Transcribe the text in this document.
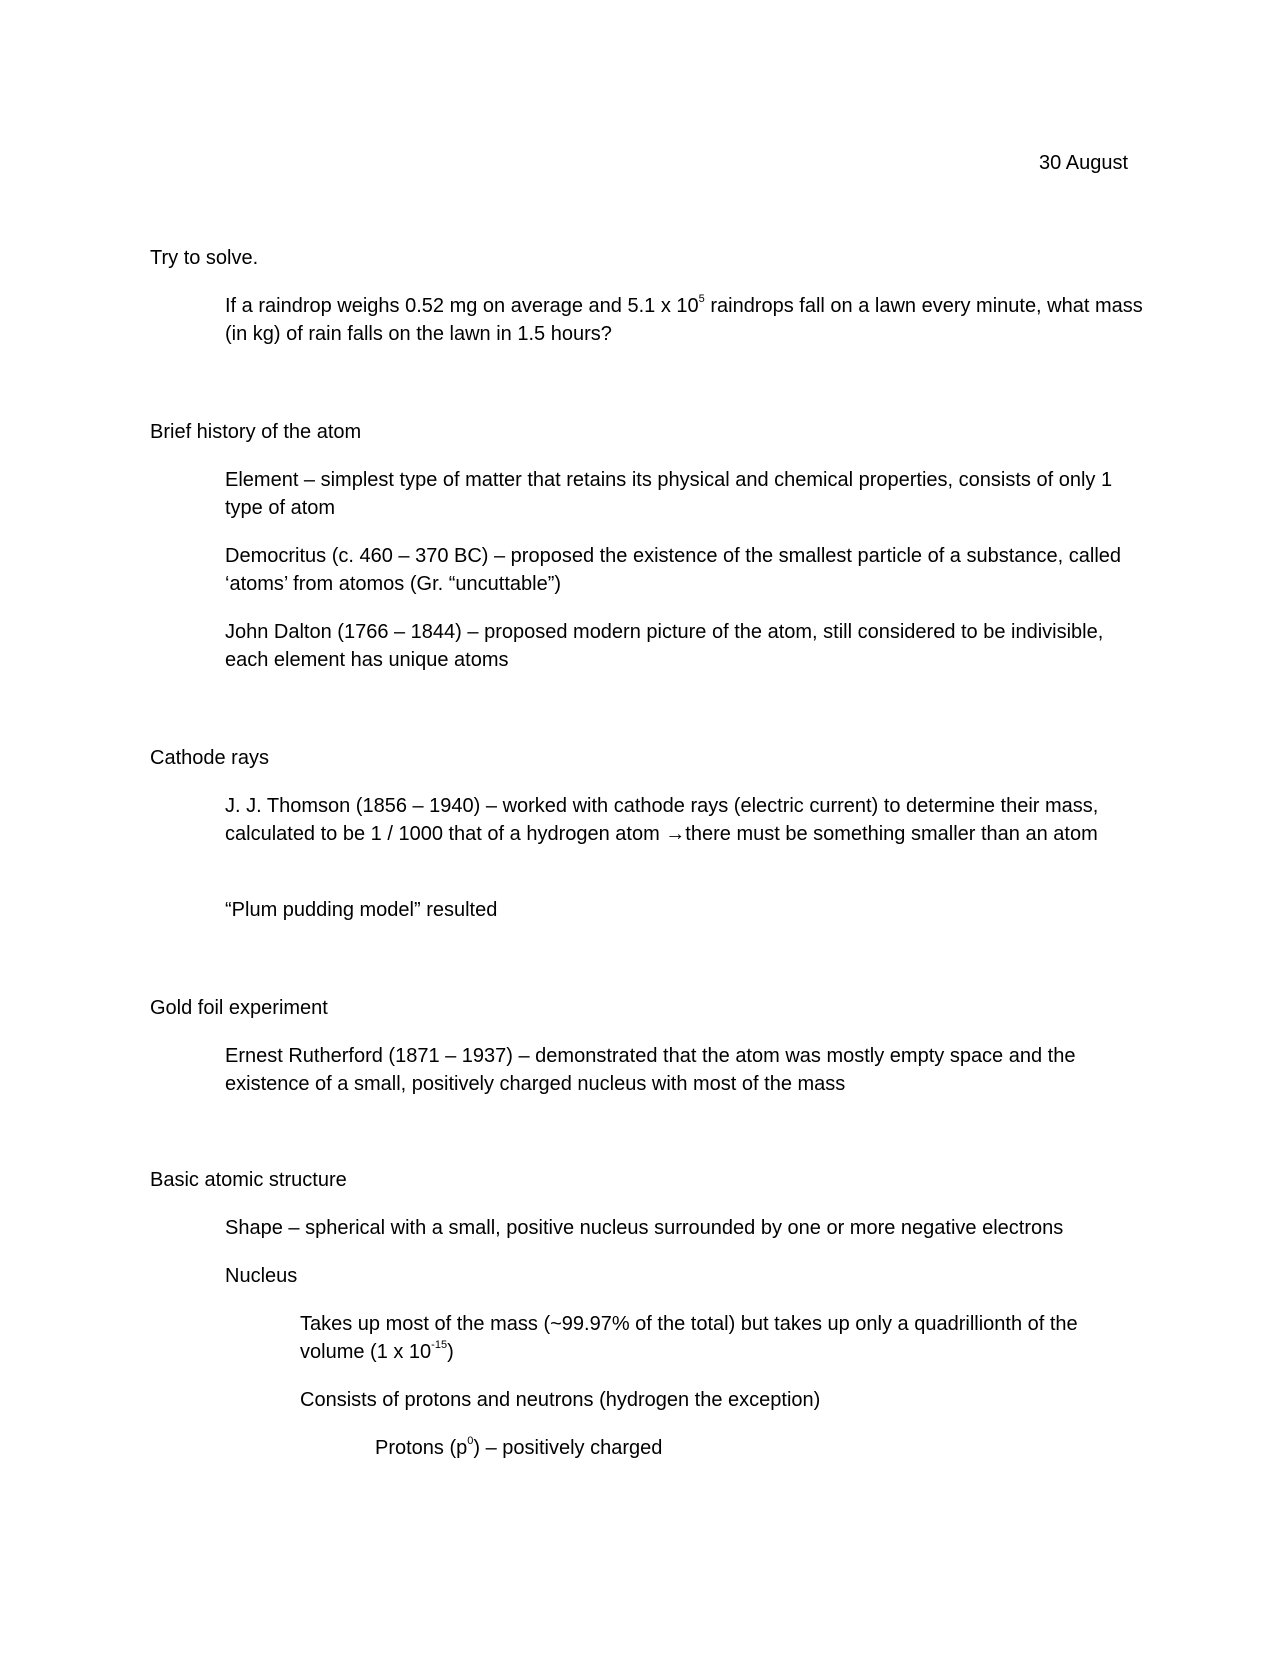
30 August

Try to solve.

If a raindrop weighs 0.52 mg on average and 5.1 x $10^5$ raindrops fall on a lawn every minute, what mass (in kg) of rain falls on the lawn in 1.5 hours?

Brief history of the atom

Element – simplest type of matter that retains its physical and chemical properties, consists of only 1 type of atom

Democritus (c. 460 – 370 BC) – proposed the existence of the smallest particle of a substance, called ‘atoms’ from atomos (Gr. “uncuttable”)

John Dalton (1766 – 1844) – proposed modern picture of the atom, still considered to be indivisible, each element has unique atoms

Cathode rays

J. J. Thomson (1856 – 1940) – worked with cathode rays (electric current) to determine their mass, calculated to be 1 / 1000 that of a hydrogen atom →there must be something smaller than an atom

“Plum pudding model” resulted

Gold foil experiment

Ernest Rutherford (1871 – 1937) – demonstrated that the atom was mostly empty space and the existence of a small, positively charged nucleus with most of the mass

Basic atomic structure

Shape – spherical with a small, positive nucleus surrounded by one or more negative electrons

Nucleus

Takes up most of the mass (~99.97% of the total) but takes up only a quadrillionth of the volume (1 x $10^{-15}$)

Consists of protons and neutrons (hydrogen the exception)

Protons $(p^0)$ – positively charged
